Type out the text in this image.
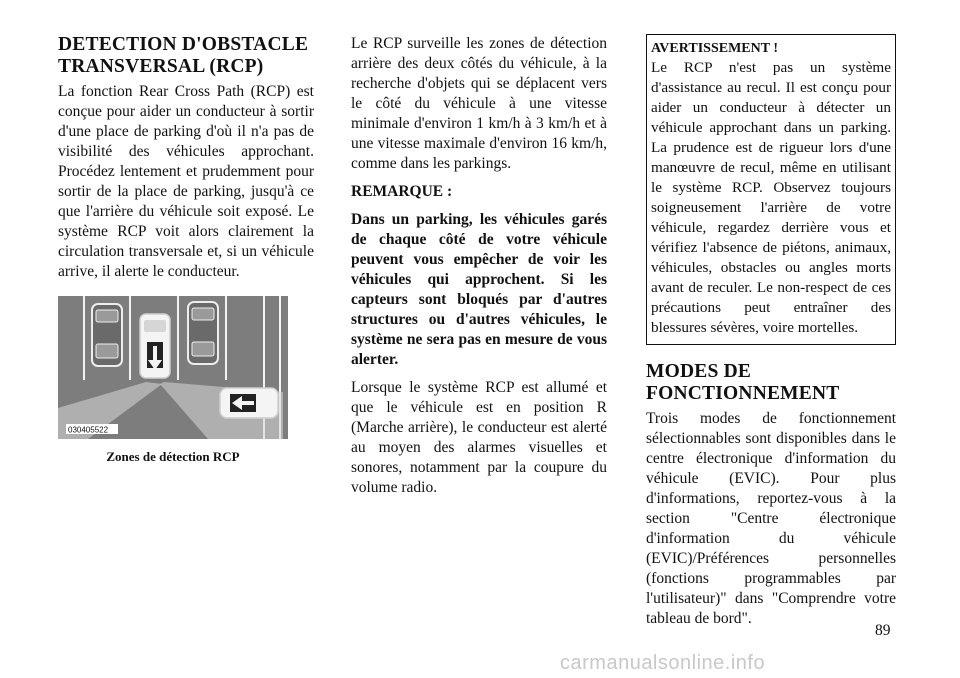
DETECTION D'OBSTACLE TRANSVERSAL (RCP)

La fonction Rear Cross Path (RCP) est conçue pour aider un conducteur à sortir d'une place de parking d'où il n'a pas de visibilité des véhicules approchant. Procédez lentement et prudemment pour sortir de la place de parking, jusqu'à ce que l'arrière du véhicule soit exposé. Le système RCP voit alors clairement la circulation transversale et, si un véhicule arrive, il alerte le conducteur.

030405522
Zones de détection RCP

Le RCP surveille les zones de détection arrière des deux côtés du véhicule, à la recherche d'objets qui se déplacent vers le côté du véhicule à une vitesse minimale d'environ 1 km/h à 3 km/h et à une vitesse maximale d'environ 16 km/h, comme dans les parkings.

REMARQUE :

Dans un parking, les véhicules garés de chaque côté de votre véhicule peuvent vous empêcher de voir les véhicules qui approchent. Si les capteurs sont bloqués par d'autres structures ou d'autres véhicules, le système ne sera pas en mesure de vous alerter.

Lorsque le système RCP est allumé et que le véhicule est en position R (Marche arrière), le conducteur est alerté au moyen des alarmes visuelles et sonores, notamment par la coupure du volume radio.

AVERTISSEMENT !

Le RCP n'est pas un système d'assistance au recul. Il est conçu pour aider un conducteur à détecter un véhicule approchant dans un parking. La prudence est de rigueur lors d'une manœuvre de recul, même en utilisant le système RCP. Observez toujours soigneusement l'arrière de votre véhicule, regardez derrière vous et vérifiez l'absence de piétons, animaux, véhicules, obstacles ou angles morts avant de reculer. Le non-respect de ces précautions peut entraîner des blessures sévères, voire mortelles.

MODES DE FONCTIONNEMENT

Trois modes de fonctionnement sélectionnables sont disponibles dans le centre électronique d'information du véhicule (EVIC). Pour plus d'informations, reportez-vous à la section "Centre électronique d'information du véhicule (EVIC)/Préférences personnelles (fonctions programmables par l'utilisateur)" dans "Comprendre votre tableau de bord".

89
carmanualsonline.info
